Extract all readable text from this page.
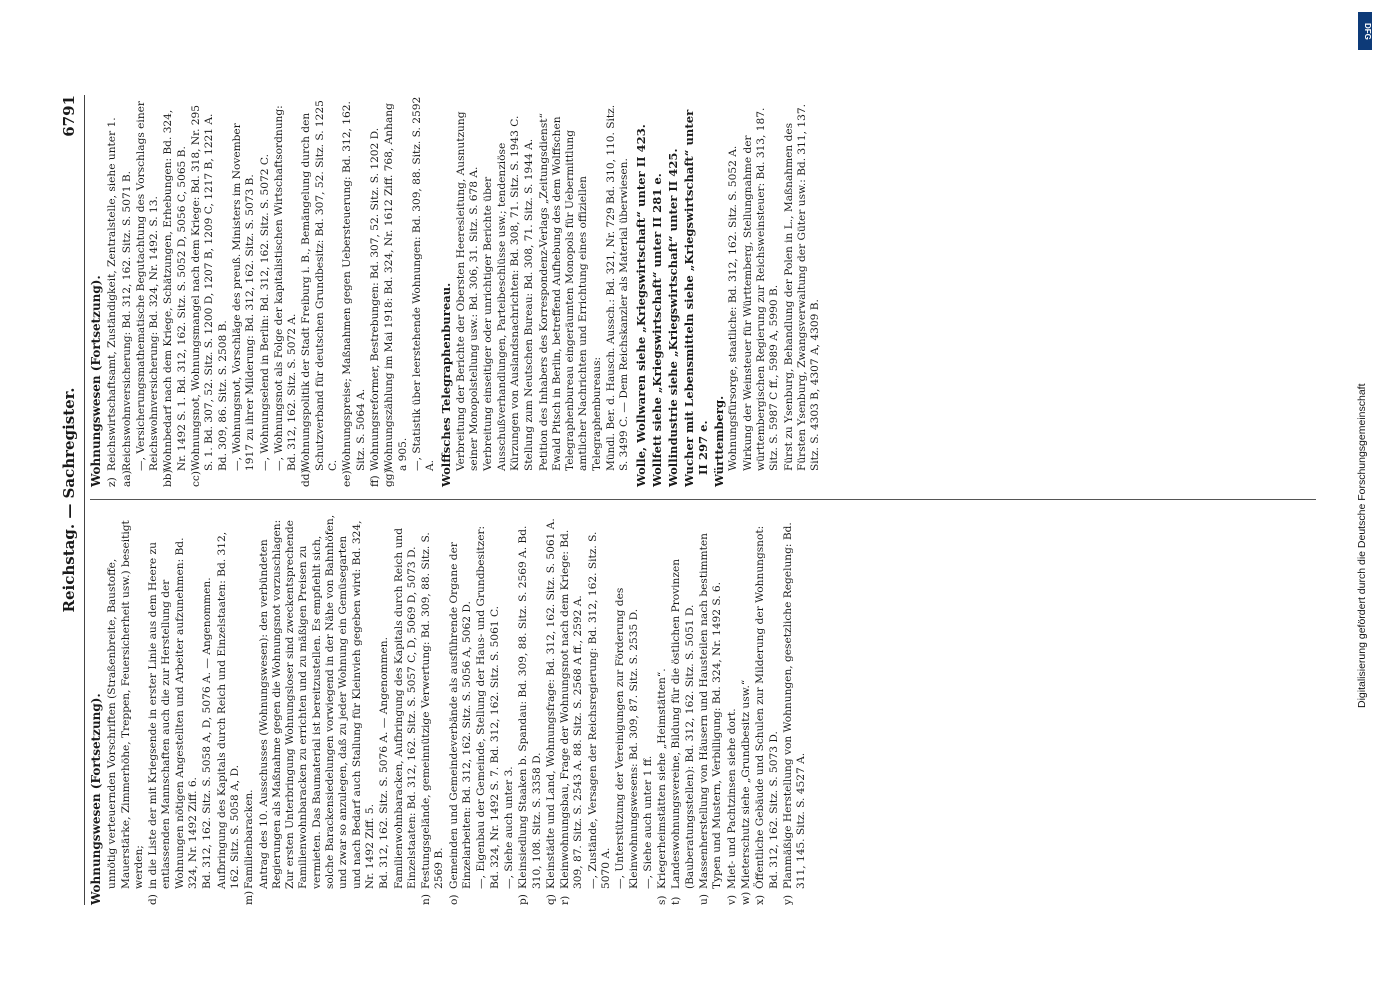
Reichstag. — Sachregister.
6791
Wohnungswesen (Fortsetzung). unnötig verteuernden Vorschriften (Straßenbreite, Baustoffe, Mauerstärke, Zimmerhöhe, Treppen, Feuersicherheit usw.) beseitigt werden;
d)in die Liste der mit Kriegsende in erster Linie aus dem Heere zu entlassenden Mannschaften auch die zur Herstellung der Wohnungen nötigen Angestellten und Arbeiter aufzunehmen: Bd. 324, Nr. 1492 Ziff. 6. Bd. 312, 162. Sitz. S. 5058 A, D, 5076 A. — Angenommen. Aufbringung des Kapitals durch Reich und Einzelstaaten: Bd. 312, 162. Sitz. S. 5058 A, D.
m)Familienbaracken. Antrag des 10. Ausschusses (Wohnungswesen): den verbündeten Regierungen als Maßnahme gegen die Wohnungsnot vorzuschlagen: Zur ersten Unterbringung Wohnungsloser sind zweckentsprechende Familienwohnbaracken zu errichten und zu mäßigen Preisen zu vermieten. Das Baumaterial ist bereitzustellen. Es empfiehlt sich, solche Barackensiedelungen vorwiegend in der Nähe von Bahnhöfen, und zwar so anzulegen, daß zu jeder Wohnung ein Gemüsegarten und nach Bedarf auch Stallung für Kleinvieh gegeben wird: Bd. 324, Nr. 1492 Ziff. 5. Bd. 312, 162. Sitz. S. 5076 A. — Angenommen. Familienwohnbaracken, Aufbringung des Kapitals durch Reich und Einzelstaaten: Bd. 312, 162. Sitz. S. 5057 C, D, 5069 D, 5073 D.
n)Festungsgelände, gemeinnützige Verwertung: Bd. 309, 88. Sitz. S. 2569 B.
o)Gemeinden und Gemeindeverbände als ausführende Organe der Einzelarbeiten: Bd. 312, 162. Sitz. S. 5056 A, 5062 D. —, Eigenbau der Gemeinde, Stellung der Haus- und Grundbesitzer: Bd. 324, Nr. 1492 S. 7. Bd. 312, 162. Sitz. S. 5061 C. —, Siehe auch unter 3.
p)Kleinsiedlung Staaken b. Spandau: Bd. 309, 88. Sitz. S. 2569 A. Bd. 310, 108. Sitz. S. 3358 D.
q)Kleinstädte und Land, Wohnungsfrage: Bd. 312, 162. Sitz. S. 5061 A.
r)Kleinwohnungsbau, Frage der Wohnungsnot nach dem Kriege: Bd. 309, 87. Sitz. S. 2543 A. 88. Sitz. S. 2568 A ff., 2592 A. —, Zustände, Versagen der Reichsregierung: Bd. 312, 162. Sitz. S. 5070 A. —, Unterstützung der Vereinigungen zur Förderung des Kleinwohnungswesens: Bd. 309, 87. Sitz. S. 2535 D. —, Siehe auch unter 1 ff.
s)Kriegerheimstätten siehe „Heimstätten“.
t)Landeswohnungsvereine, Bildung für die östlichen Provinzen (Bauberatungsstellen): Bd. 312, 162. Sitz. S. 5051 D.
u)Massenherstellung von Häusern und Hausteilen nach bestimmten Typen und Mustern, Verbilligung: Bd. 324, Nr. 1492 S. 6.
v)Miet- und Pachtzinsen siehe dort.
w)Mieterschutz siehe „Grundbesitz usw.“
x)Öffentliche Gebäude und Schulen zur Milderung der Wohnungsnot: Bd. 312, 162. Sitz. S. 5073 D.
y)Planmäßige Herstellung von Wohnungen, gesetzliche Regelung: Bd. 311, 145. Sitz. S. 4527 A.
Wohnungswesen (Fortsetzung). z)Reichswirtschaftsamt, Zuständigkeit, Zentralstelle, siehe unter 1.
aa)Reichswohnversicherung: Bd. 312, 162. Sitz. S. 5071 B. —, Versicherungsmathematische Begutachtung des Vorschlags einer Reichswohnversicherung: Bd. 324, Nr. 1492. S. 13.
bb)Wohnbedarf nach dem Kriege, Schätzungen, Erhebungen: Bd. 324, Nr. 1492 S. 1. Bd. 312, 162. Sitz. S. 5052 D, 5056 C, 5065 B.
cc)Wohnungsnot, Wohnungsmangel nach dem Kriege: Bd. 318, Nr. 295 S. 1. Bd. 307, 52. Sitz. S. 1200 D, 1207 B, 1209 C, 1217 B, 1221 A. Bd. 309, 86. Sitz. S. 2508 B. —, Wohnungsnot, Vorschläge des preuß. Ministers im November 1917 zu ihrer Milderung: Bd. 312, 162. Sitz. S. 5073 B. —, Wohnungselend in Berlin: Bd. 312, 162. Sitz. S. 5072 C. —, Wohnungsnot als Folge der kapitalistischen Wirtschaftsordnung: Bd. 312, 162. Sitz. S. 5072 A.
dd)Wohnungspolitik der Stadt Freiburg i. B., Bemängelung durch den Schutzverband für deutschen Grundbesitz: Bd. 307, 52. Sitz. S. 1225 C.
ee)Wohnungspreise; Maßnahmen gegen Uebersteuerung: Bd. 312, 162. Sitz. S. 5064 A.
ff)Wohnungsreformer, Bestrebungen: Bd. 307, 52. Sitz. S. 1202 D.
gg)Wohnungszählung im Mai 1918: Bd. 324, Nr. 1612 Ziff. 768, Anhang a 905. —, Statistik über leerstehende Wohnungen: Bd. 309, 88. Sitz. S. 2592 A. Wolffsches Telegraphenbureau. Verbreitung der Berichte der Obersten Heeresleitung, Ausnutzung seiner Monopolstellung usw.: Bd. 306, 31. Sitz. S. 678 A. Verbreitung einseitiger oder unrichtiger Berichte über Ausschußverhandlungen, Parteibeschlüsse usw.; tendenziöse Kürzungen von Auslandsnachrichten: Bd. 308, 71. Sitz. S. 1943 C. Stellung zum Neutschen Bureau: Bd. 308, 71. Sitz. S. 1944 A. Petition des Inhabers des Korrespondenz-Verlags „Zeitungsdienst“ Ewald Pitsch in Berlin, betreffend Aufhebung des dem Wolffschen Telegraphenbureau eingeräumten Monopols für Uebermittlung amtlicher Nachrichten und Errichtung eines offiziellen Telegraphenbureaus: Mündl. Ber. d. Hausch. Aussch.: Bd. 321, Nr. 729 Bd. 310, 110. Sitz. S. 3499 C. — Dem Reichskanzler als Material überwiesen. Wolle, Wollwaren siehe „Kriegswirtschaft“ unter II 423. Wollfett siehe „Kriegswirtschaft“ unter II 281 e. Wollindustrie siehe „Kriegswirtschaft“ unter II 425. Wucher mit Lebensmitteln siehe „Kriegswirtschaft“ unter II 297 e. Württemberg. Wohnungsfürsorge, staatliche: Bd. 312, 162. Sitz. S. 5052 A. Wirkung der Weinsteuer für Württemberg, Stellungnahme der württembergischen Regierung zur Reichsweinsteuer: Bd. 313, 187. Sitz. S. 5987 C ff., 5989 A, 5990 B. Fürst zu Ysenburg, Behandlung der Polen in L., Maßnahmen des Fürsten Ysenburg, Zwangsverwaltung der Güter usw.: Bd. 311, 137. Sitz. S. 4303 B, 4307 A, 4309 B.
DFG
Digitalisierung gefördert durch die Deutsche Forschungsgemeinschaft
